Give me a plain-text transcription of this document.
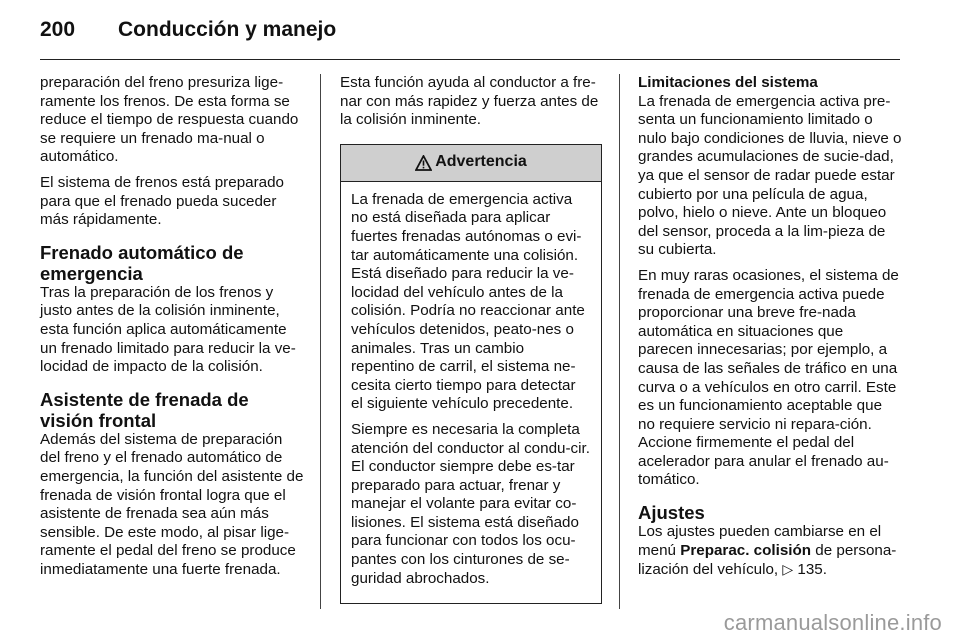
200	Conducción y manejo

preparación del freno presuriza lige-ramente los frenos. De esta forma se reduce el tiempo de respuesta cuando se requiere un frenado ma-nual o automático.

El sistema de frenos está preparado para que el frenado pueda suceder más rápidamente.

Frenado automático de emergencia

Tras la preparación de los frenos y justo antes de la colisión inminente, esta función aplica automáticamente un frenado limitado para reducir la ve-locidad de impacto de la colisión.

Asistente de frenada de visión frontal

Además del sistema de preparación del freno y el frenado automático de emergencia, la función del asistente de frenada de visión frontal logra que el asistente de frenada sea aún más sensible. De este modo, al pisar lige-ramente el pedal del freno se produce inmediatamente una fuerte frenada.

Esta función ayuda al conductor a fre-nar con más rapidez y fuerza antes de la colisión inminente.

Advertencia

La frenada de emergencia activa no está diseñada para aplicar fuertes frenadas autónomas o evi-tar automáticamente una colisión. Está diseñado para reducir la ve-locidad del vehículo antes de la colisión. Podría no reaccionar ante vehículos detenidos, peato-nes o animales. Tras un cambio repentino de carril, el sistema ne-cesita cierto tiempo para detectar el siguiente vehículo precedente.

Siempre es necesaria la completa atención del conductor al condu-cir. El conductor siempre debe es-tar preparado para actuar, frenar y manejar el volante para evitar co-lisiones. El sistema está diseñado para funcionar con todos los ocu-pantes con los cinturones de se-guridad abrochados.

Limitaciones del sistema

La frenada de emergencia activa pre-senta un funcionamiento limitado o nulo bajo condiciones de lluvia, nieve o grandes acumulaciones de sucie-dad, ya que el sensor de radar puede estar cubierto por una película de agua, polvo, hielo o nieve. Ante un bloqueo del sensor, proceda a la lim-pieza de su cubierta.

En muy raras ocasiones, el sistema de frenada de emergencia activa puede proporcionar una breve fre-nada automática en situaciones que parecen innecesarias; por ejemplo, a causa de las señales de tráfico en una curva o a vehículos en otro carril. Este es un funcionamiento aceptable que no requiere servicio ni repara-ción. Accione firmemente el pedal del acelerador para anular el frenado au-tomático.

Ajustes

Los ajustes pueden cambiarse en el menú Preparac. colisión de persona-lización del vehículo, ▷ 135.

carmanualsonline.info
